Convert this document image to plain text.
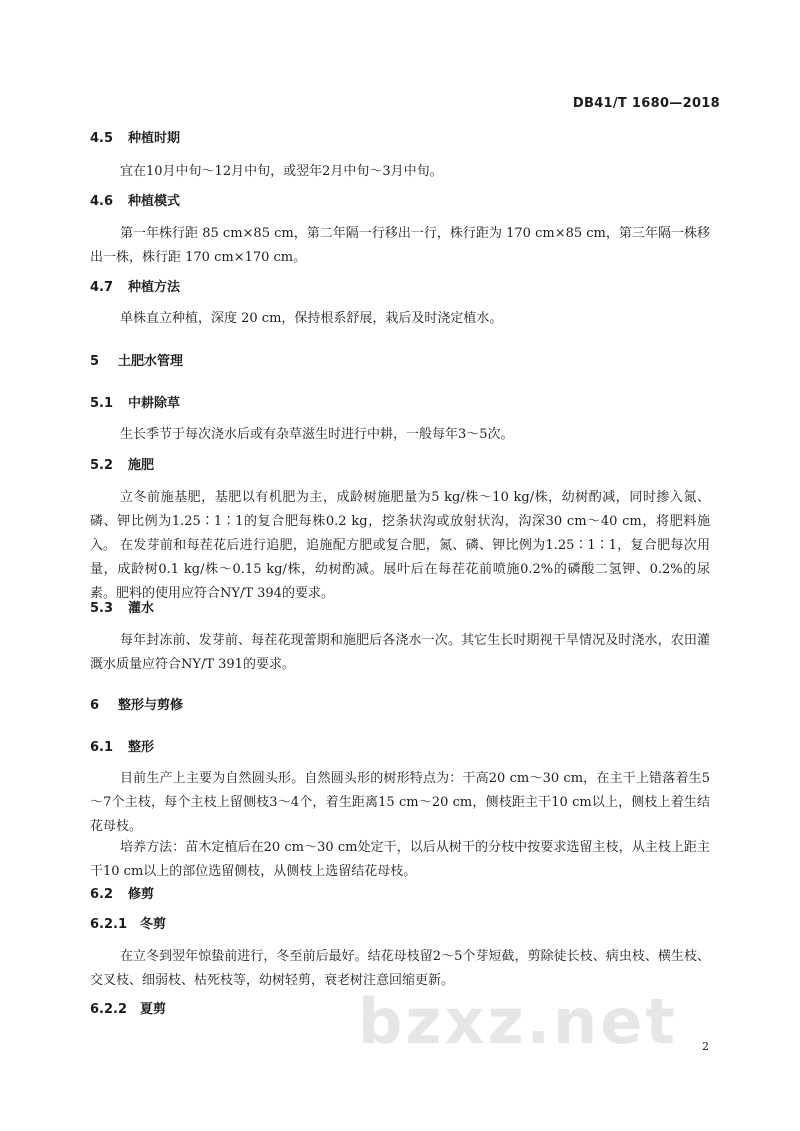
DB41/T 1680—2018
4.5 种植时期

宜在10月中旬～12月中旬，或翌年2月中旬～3月中旬。

4.6 种植模式

第一年株行距 85 cm×85 cm，第二年隔一行移出一行，株行距为 170 cm×85 cm，第三年隔一株移出一株，株行距 170 cm×170 cm。

4.7 种植方法

单株直立种植，深度 20 cm，保持根系舒展，栽后及时浇定植水。

5 土肥水管理
5.1 中耕除草

生长季节于每次浇水后或有杂草滋生时进行中耕，一般每年3～5次。

5.2 施肥

立冬前施基肥，基肥以有机肥为主，成龄树施肥量为5 kg/株～10 kg/株，幼树酌减，同时掺入氮、磷、钾比例为1.25∶1∶1的复合肥每株0.2 kg，挖条状沟或放射状沟，沟深30 cm～40 cm，将肥料施入。 在发芽前和每茬花后进行追肥，追施配方肥或复合肥，氮、磷、钾比例为1.25∶1∶1，复合肥每次用量，成龄树0.1 kg/株～0.15 kg/株，幼树酌减。展叶后在每茬花前喷施0.2%的磷酸二氢钾、0.2%的尿素。肥料的使用应符合NY/T 394的要求。

5.3 灌水

每年封冻前、发芽前、每茬花现蕾期和施肥后各浇水一次。其它生长时期视干旱情况及时浇水，农田灌溉水质量应符合NY/T 391的要求。

6 整形与剪修
6.1 整形

目前生产上主要为自然圆头形。自然圆头形的树形特点为：干高20 cm～30 cm，在主干上错落着生5～7个主枝，每个主枝上留侧枝3～4个，着生距离15 cm～20 cm，侧枝距主干10 cm以上，侧枝上着生结花母枝。

培养方法：苗木定植后在20 cm～30 cm处定干，以后从树干的分枝中按要求选留主枝，从主枝上距主干10 cm以上的部位选留侧枝，从侧枝上选留结花母枝。

6.2 修剪
6.2.1 冬剪

在立冬到翌年惊蛰前进行，冬至前后最好。结花母枝留2～5个芽短截，剪除徒长枝、病虫枝、横生枝、交叉枝、细弱枝、枯死枝等，幼树轻剪，衰老树注意回缩更新。

6.2.2 夏剪	bzxz.net 2
